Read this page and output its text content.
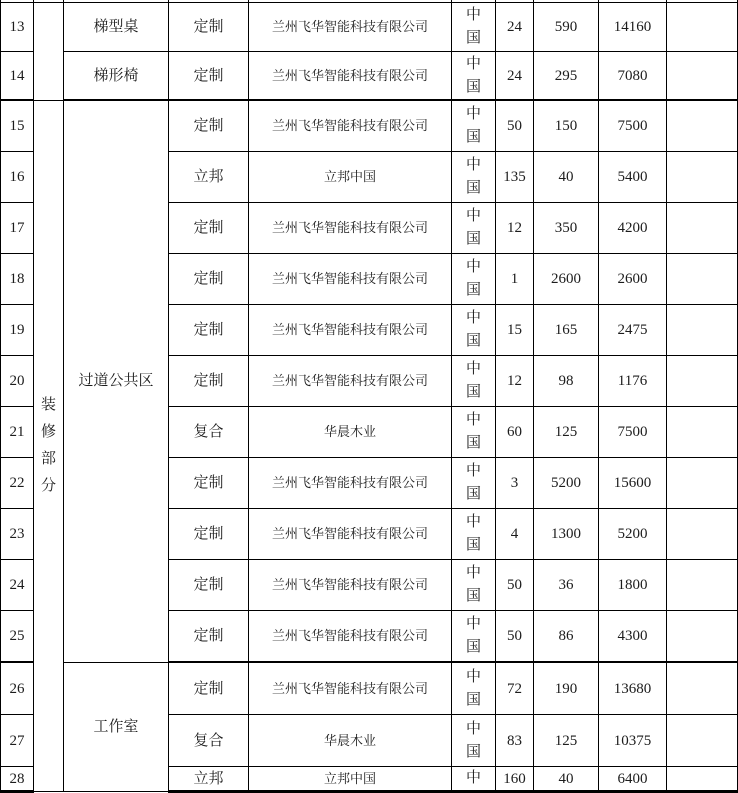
13		梯型桌	定制	兰州飞华智能科技有限公司	中国	24	590	14160	
14		梯形椅	定制	兰州飞华智能科技有限公司	中国	24	295	7080	
15	装修部分	过道公共区	定制	兰州飞华智能科技有限公司	中国	50	150	7500	
16			立邦	立邦中国	中国	135	40	5400	
17			定制	兰州飞华智能科技有限公司	中国	12	350	4200	
18			定制	兰州飞华智能科技有限公司	中国	1	2600	2600	
19			定制	兰州飞华智能科技有限公司	中国	15	165	2475	
20			定制	兰州飞华智能科技有限公司	中国	12	98	1176	
21			复合	华晨木业	中国	60	125	7500	
22			定制	兰州飞华智能科技有限公司	中国	3	5200	15600	
23			定制	兰州飞华智能科技有限公司	中国	4	1300	5200	
24			定制	兰州飞华智能科技有限公司	中国	50	36	1800	
25			定制	兰州飞华智能科技有限公司	中国	50	86	4300	
26		工作室	定制	兰州飞华智能科技有限公司	中国	72	190	13680	
27			复合	华晨木业	中国	83	125	10375	
28			立邦	立邦中国	中	160	40	6400	
